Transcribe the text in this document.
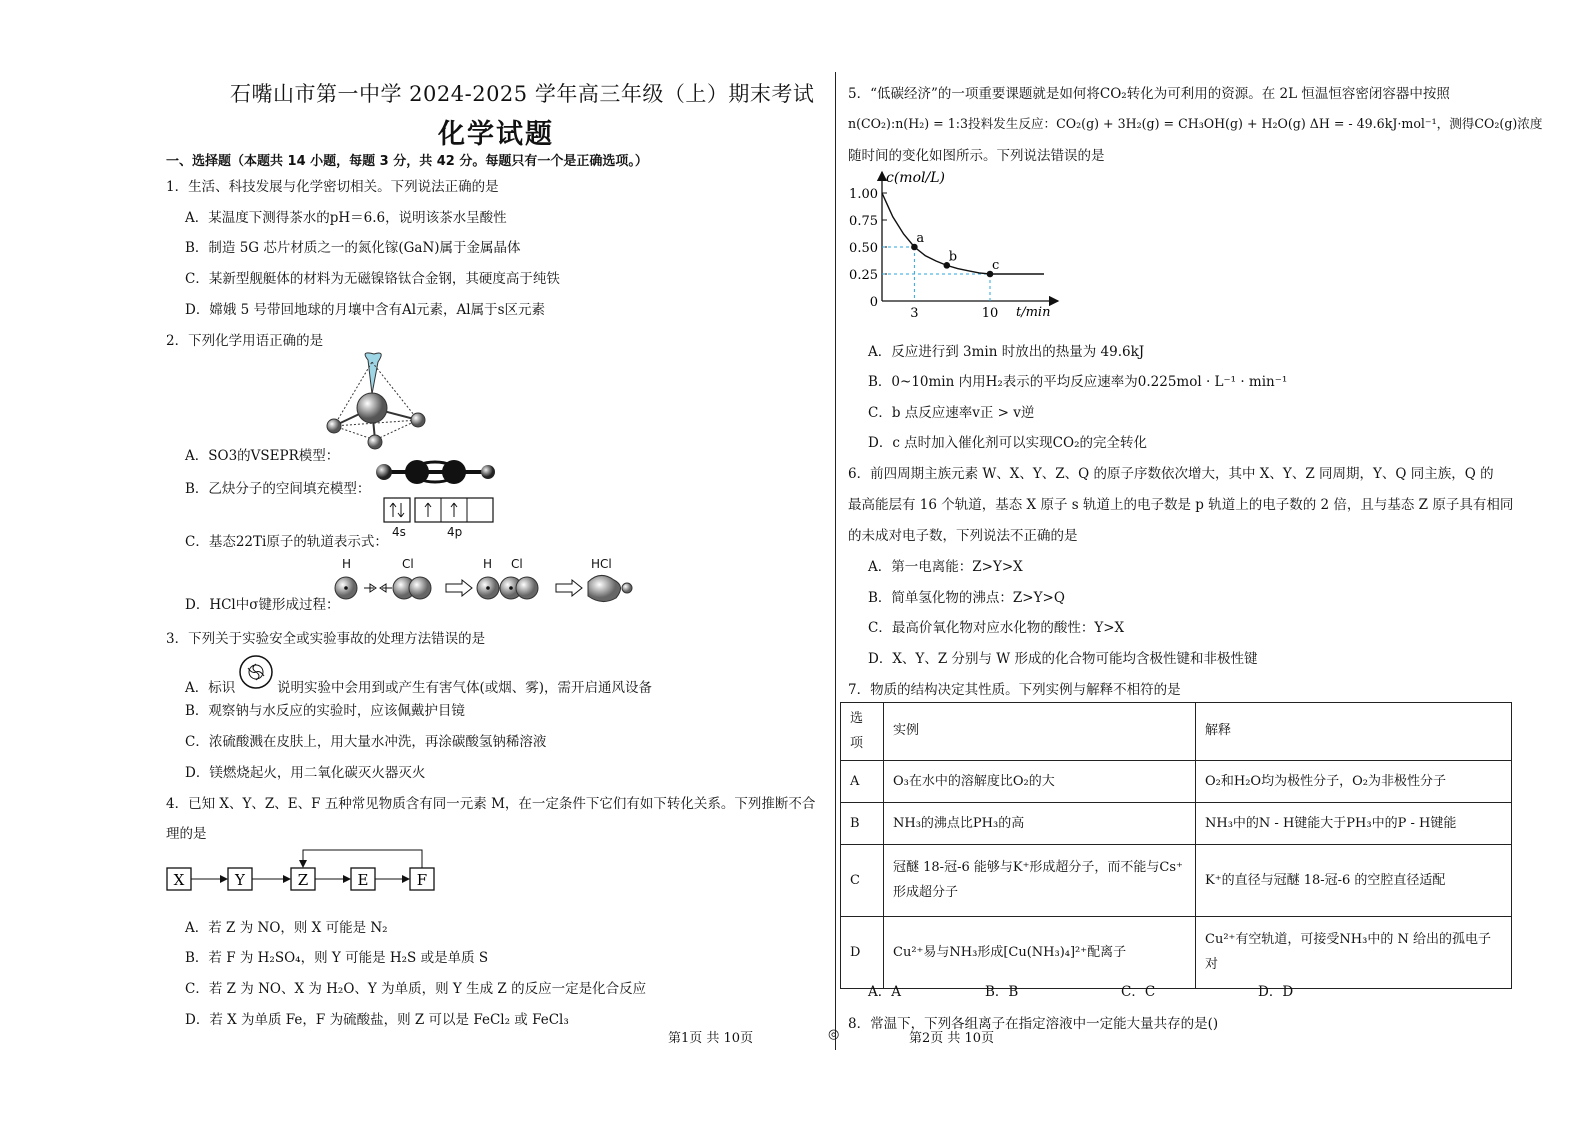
石嘴山市第一中学 2024-2025 学年高三年级（上）期末考试
化学试题
一、选择题（本题共 14 小题，每题 3 分，共 42 分。每题只有一个是正确选项。）
1．生活、科技发展与化学密切相关。下列说法正确的是
A．某温度下测得茶水的pH＝6.6，说明该茶水呈酸性
B．制造 5G 芯片材质之一的氮化镓(GaN)属于金属晶体
C．某新型舰艇体的材料为无磁镍铬钛合金钢，其硬度高于纯铁
D．嫦娥 5 号带回地球的月壤中含有Al元素，Al属于s区元素
2．下列化学用语正确的是
A．SO3的VSEPR模型：
B．乙炔分子的空间填充模型：
4s	4p
C．基态22Ti原子的轨道表示式：
H	Cl	H Cl	HCl
D．HCl中σ键形成过程：
3．下列关于实验安全或实验事故的处理方法错误的是
A．标识	说明实验中会用到或产生有害气体(或烟、雾)，需开启通风设备
B．观察钠与水反应的实验时，应该佩戴护目镜
C．浓硫酸溅在皮肤上，用大量水冲洗，再涂碳酸氢钠稀溶液
D．镁燃烧起火，用二氧化碳灭火器灭火
4．已知 X、Y、Z、E、F 五种常见物质含有同一元素 M，在一定条件下它们有如下转化关系。下列推断不合
理的是
X	Y	Z	E	F
A．若 Z 为 NO，则 X 可能是 N₂
B．若 F 为 H₂SO₄，则 Y 可能是 H₂S 或是单质 S
C．若 Z 为 NO、X 为 H₂O、Y 为单质，则 Y 生成 Z 的反应一定是化合反应
D．若 X 为单质 Fe，F 为硫酸盐，则 Z 可以是 FeCl₂ 或 FeCl₃
5．“低碳经济”的一项重要课题就是如何将CO₂转化为可利用的资源。在 2L 恒温恒容密闭容器中按照
n(CO₂):n(H₂) = 1:3投料发生反应：CO₂(g) + 3H₂(g) = CH₃OH(g) + H₂O(g) ΔH = - 49.6kJ·mol⁻¹，测得CO₂(g)浓度
随时间的变化如图所示。下列说法错误的是
1.00
0.75
0.50
0.25
0
3	10
a
b
c
c(mol/L)
t/min
A．反应进行到 3min 时放出的热量为 49.6kJ
B．0~10min 内用H₂表示的平均反应速率为0.225mol · L⁻¹ · min⁻¹
C．b 点反应速率v正 > v逆
D．c 点时加入催化剂可以实现CO₂的完全转化
6．前四周期主族元素 W、X、Y、Z、Q 的原子序数依次增大，其中 X、Y、Z 同周期，Y、Q 同主族，Q 的
最高能层有 16 个轨道，基态 X 原子 s 轨道上的电子数是 p 轨道上的电子数的 2 倍，且与基态 Z 原子具有相同
的未成对电子数，下列说法不正确的是
A．第一电离能：Z>Y>X
B．简单氢化物的沸点：Z>Y>Q
C．最高价氧化物对应水化物的酸性：Y>X
D．X、Y、Z 分别与 W 形成的化合物可能均含极性键和非极性键
7．物质的结构决定其性质。下列实例与解释不相符的是
选项	实例	解释
A	O₃在水中的溶解度比O₂的大	O₂和H₂O均为极性分子，O₂为非极性分子
B	NH₃的沸点比PH₃的高	NH₃中的N - H键能大于PH₃中的P - H键能
C	冠醚 18-冠-6 能够与K⁺形成超分子，而不能与Cs⁺形成超分子	K⁺的直径与冠醚 18-冠-6 的空腔直径适配
D	Cu²⁺易与NH₃形成[Cu(NH₃)₄]²⁺配离子	Cu²⁺有空轨道，可接受NH₃中的 N 给出的孤电子对
A．A	B．B	C．C	D．D
8．常温下，下列各组离子在指定溶液中一定能大量共存的是()
第1页 共 10页	◎	第2页 共 10页
